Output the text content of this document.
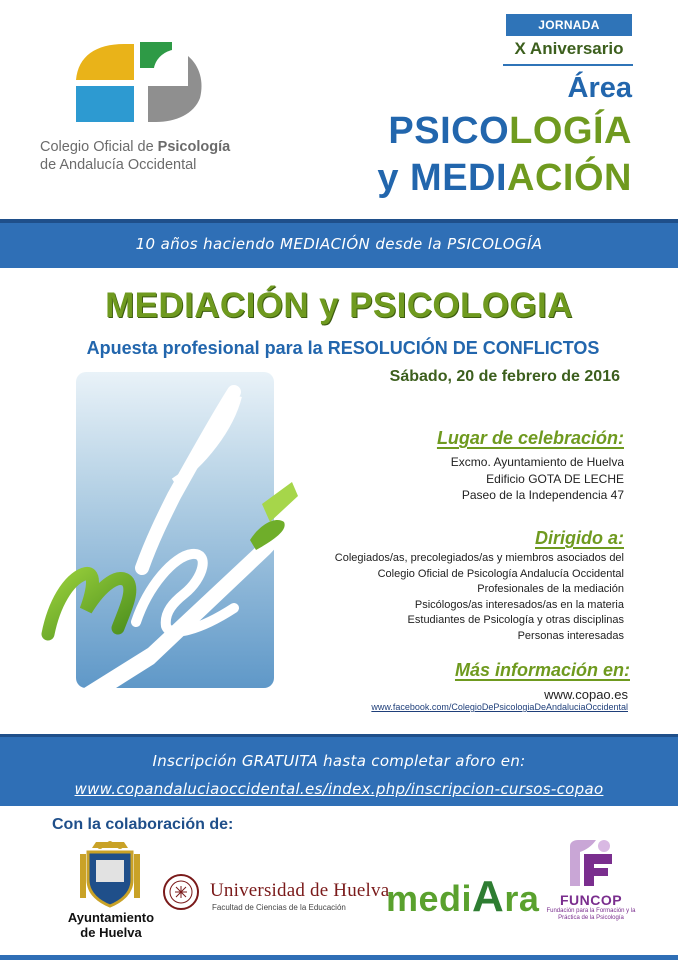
Colegio Oficial de Psicología
de Andalucía Occidental
JORNADA
X Aniversario
Área
PSICOLOGÍA
y MEDIACIÓN
10 años haciendo MEDIACIÓN desde la PSICOLOGÍA
MEDIACIÓN y PSICOLOGIA
Apuesta profesional para la RESOLUCIÓN DE CONFLICTOS
Sábado, 20 de febrero de 2016
Lugar de celebración:
Excmo. Ayuntamiento de Huelva
Edificio GOTA DE LECHE
Paseo de la Independencia 47
Dirigido a:
Colegiados/as, precolegiados/as y miembros asociados del
Colegio Oficial de Psicología Andalucía Occidental
Profesionales de la mediación
Psicólogos/as interesados/as en la materia
Estudiantes de Psicología y otras disciplinas
Personas interesadas
Más información en:
www.copao.es
www.facebook.com/ColegioDePsicologiaDeAndaluciaOccidental
Inscripción GRATUITA hasta completar aforo en:
www.copandaluciaoccidental.es/index.php/inscripcion-cursos-copao
Con la colaboración de:
Ayuntamiento
de Huelva
Universidad de Huelva
Facultad de Ciencias de la Educación mediAra	FUNCOP
Fundación para la Formación y la Práctica de la Psicología
